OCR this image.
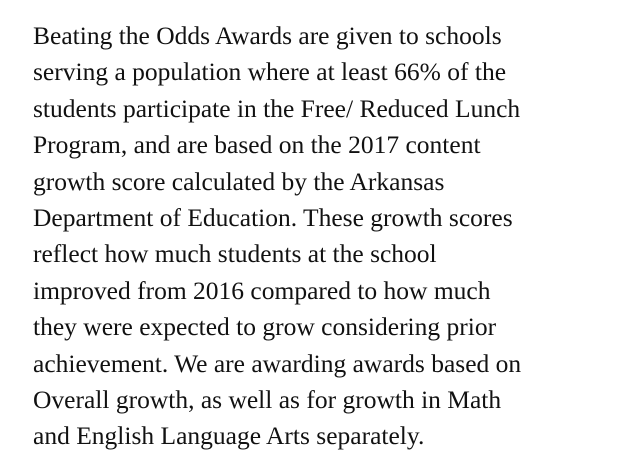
Beating the Odds Awards are given to schools
serving a population where at least 66% of the
students participate in the Free/ Reduced Lunch
Program, and are based on the 2017 content
growth score calculated by the Arkansas
Department of Education. These growth scores
reflect how much students at the school
improved from 2016 compared to how much
they were expected to grow considering prior
achievement. We are awarding awards based on
Overall growth, as well as for growth in Math
and English Language Arts separately.
